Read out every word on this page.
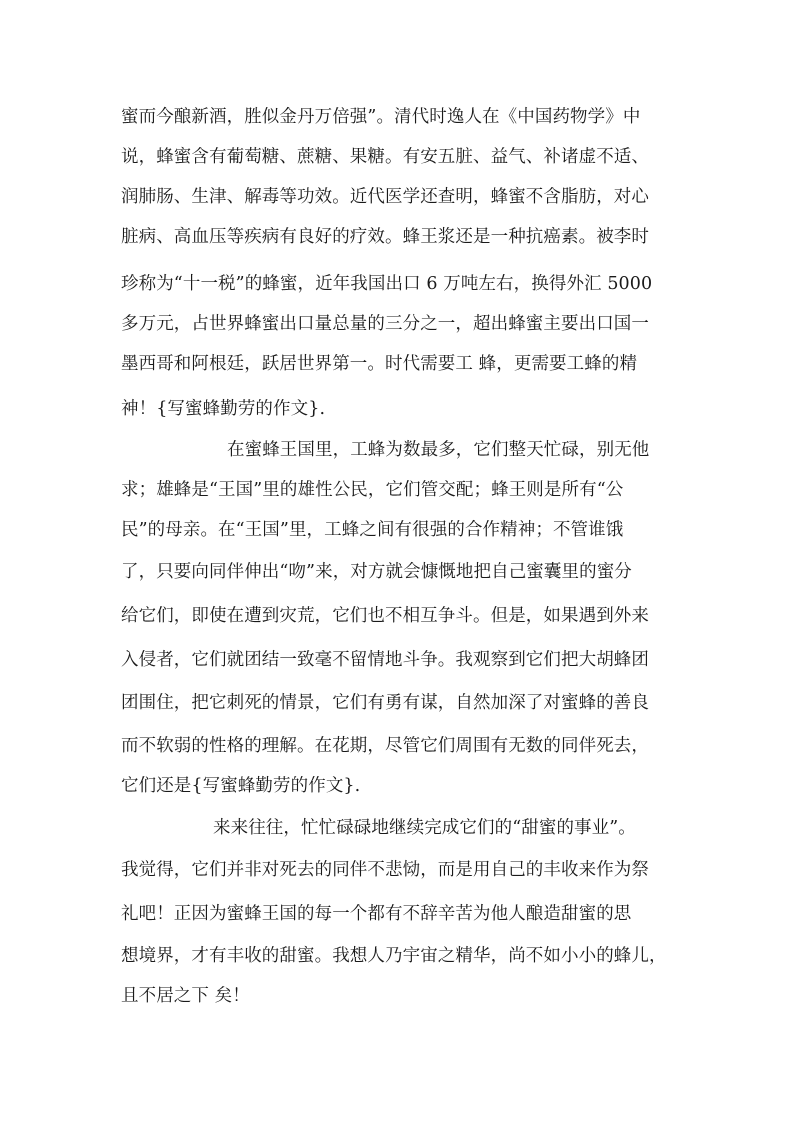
蜜而今酿新酒，胜似金丹万倍强”。清代时逸人在《中国药物学》中
说，蜂蜜含有葡萄糖、蔗糖、果糖。有安五脏、益气、补诸虚不适、
润肺肠、生津、解毒等功效。近代医学还查明，蜂蜜不含脂肪，对心
脏病、高血压等疾病有良好的疗效。蜂王浆还是一种抗癌素。被李时
珍称为“十一税”的蜂蜜，近年我国出口 6 万吨左右，换得外汇 5000
多万元，占世界蜂蜜出口量总量的三分之一，超出蜂蜜主要出口国一
墨西哥和阿根廷，跃居世界第一。时代需要工 蜂，更需要工蜂的精
神！{写蜜蜂勤劳的作文}.
在蜜蜂王国里，工蜂为数最多，它们整天忙碌，别无他
求；雄蜂是“王国”里的雄性公民，它们管交配；蜂王则是所有“公
民”的母亲。在“王国”里，工蜂之间有很强的合作精神；不管谁饿
了，只要向同伴伸出“吻”来，对方就会慷慨地把自己蜜囊里的蜜分
给它们，即使在遭到灾荒，它们也不相互争斗。但是，如果遇到外来
入侵者，它们就团结一致毫不留情地斗争。我观察到它们把大胡蜂团
团围住，把它刺死的情景，它们有勇有谋，自然加深了对蜜蜂的善良
而不软弱的性格的理解。在花期，尽管它们周围有无数的同伴死去，
它们还是{写蜜蜂勤劳的作文}.
来来往往，忙忙碌碌地继续完成它们的“甜蜜的事业”。
我觉得，它们并非对死去的同伴不悲恸，而是用自己的丰收来作为祭
礼吧！正因为蜜蜂王国的每一个都有不辞辛苦为他人酿造甜蜜的思
想境界，才有丰收的甜蜜。我想人乃宇宙之精华，尚不如小小的蜂儿，
且不居之下 矣！
